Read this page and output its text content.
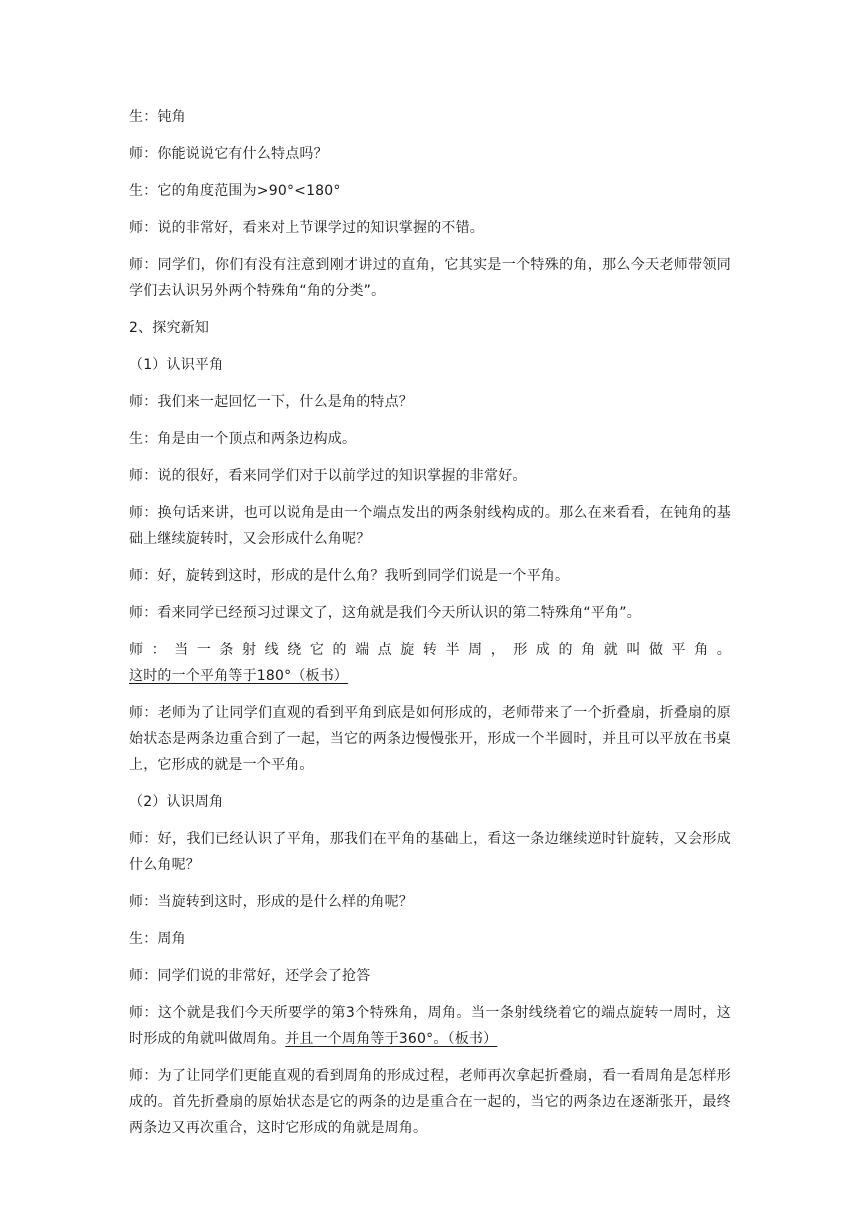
生：钝角

师：你能说说它有什么特点吗？

生：它的角度范围为>90°<180°

师：说的非常好，看来对上节课学过的知识掌握的不错。

师：同学们，你们有没有注意到刚才讲过的直角，它其实是一个特殊的角，那么今天老师带领同学们去认识另外两个特殊角“角的分类”。

2、探究新知

（1）认识平角

师：我们来一起回忆一下，什么是角的特点？

生：角是由一个顶点和两条边构成。

师：说的很好，看来同学们对于以前学过的知识掌握的非常好。

师：换句话来讲，也可以说角是由一个端点发出的两条射线构成的。那么在来看看，在钝角的基础上继续旋转时，又会形成什么角呢？

师：好，旋转到这时，形成的是什么角？我听到同学们说是一个平角。

师：看来同学已经预习过课文了，这角就是我们今天所认识的第二特殊角“平角”。

师：当一条射线绕它的端点旋转半周，形成的角就叫做平角。这时的一个平角等于180°（板书）

师：老师为了让同学们直观的看到平角到底是如何形成的，老师带来了一个折叠扇，折叠扇的原始状态是两条边重合到了一起，当它的两条边慢慢张开，形成一个半圆时，并且可以平放在书桌上，它形成的就是一个平角。

（2）认识周角

师：好，我们已经认识了平角，那我们在平角的基础上，看这一条边继续逆时针旋转，又会形成什么角呢？

师：当旋转到这时，形成的是什么样的角呢？

生：周角

师：同学们说的非常好，还学会了抢答

师：这个就是我们今天所要学的第3个特殊角，周角。当一条射线绕着它的端点旋转一周时，这时形成的角就叫做周角。并且一个周角等于360°。（板书）

师：为了让同学们更能直观的看到周角的形成过程，老师再次拿起折叠扇，看一看周角是怎样形成的。首先折叠扇的原始状态是它的两条的边是重合在一起的，当它的两条边在逐渐张开，最终两条边又再次重合，这时它形成的角就是周角。
